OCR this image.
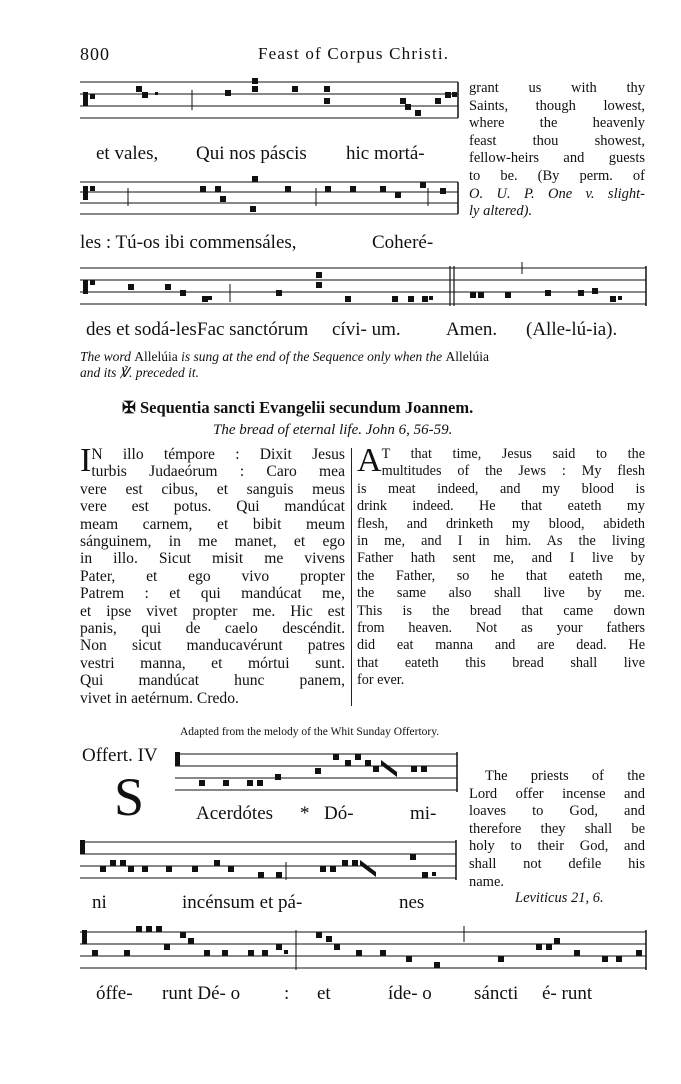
800	Feast of Corpus Christi.
et vales, Qui nos páscis hic mortá-
les : Tú-os ibi commensáles,	Coheré-
grant us with thy
Saints, though lowest,
where the heavenly
feast thou showest,
fellow-heirs and guests
to be. (By perm. of
O. U. P. One v. slight-
ly altered).
des et sodá-les Fac sanctórum cívi- um. Amen. (Alle-lú-ia).
The word Allelúia is sung at the end of the Sequence only when the Allelúia
and its ℣. preceded it.
✠ Sequentia sancti Evangelii secundum Joannem.
The bread of eternal life. John 6, 56-59.
I N illo témpore : Dixit Jesus
turbis Judaeórum : Caro mea
vere est cibus, et sanguis meus
vere est potus. Qui mandúcat
meam carnem, et bibit meum
sánguinem, in me manet, et ego
in illo. Sicut misit me vivens
Pater, et ego vivo propter
Patrem : et qui mandúcat me,
et ipse vivet propter me. Hic est
panis, qui de caelo descéndit.
Non sicut manducavérunt patres
vestri manna, et mórtui sunt.
Qui mandúcat hunc panem,
vivet in aetérnum. Credo.
A T that time, Jesus said to the
multitudes of the Jews : My flesh
is meat indeed, and my blood is
drink indeed. He that eateth my
flesh, and drinketh my blood, abideth
in me, and I in him. As the living
Father hath sent me, and I live by
the Father, so he that eateth me,
the same also shall live by me.
This is the bread that came down
from heaven. Not as your fathers
did eat manna and are dead. He
that eateth this bread shall live
for ever.
Adapted from the melody of the Whit Sunday Offertory.
Offert. IV
S	Acerdótes * Dó-	mi-
ni	incénsum et pá-	nes
The priests of the
Lord offer incense and
loaves to God, and
therefore they shall be
holy to their God, and
shall not defile his
name.
Leviticus 21, 6.
óffe- runt Dé- o : et	íde- o sáncti é- runt
